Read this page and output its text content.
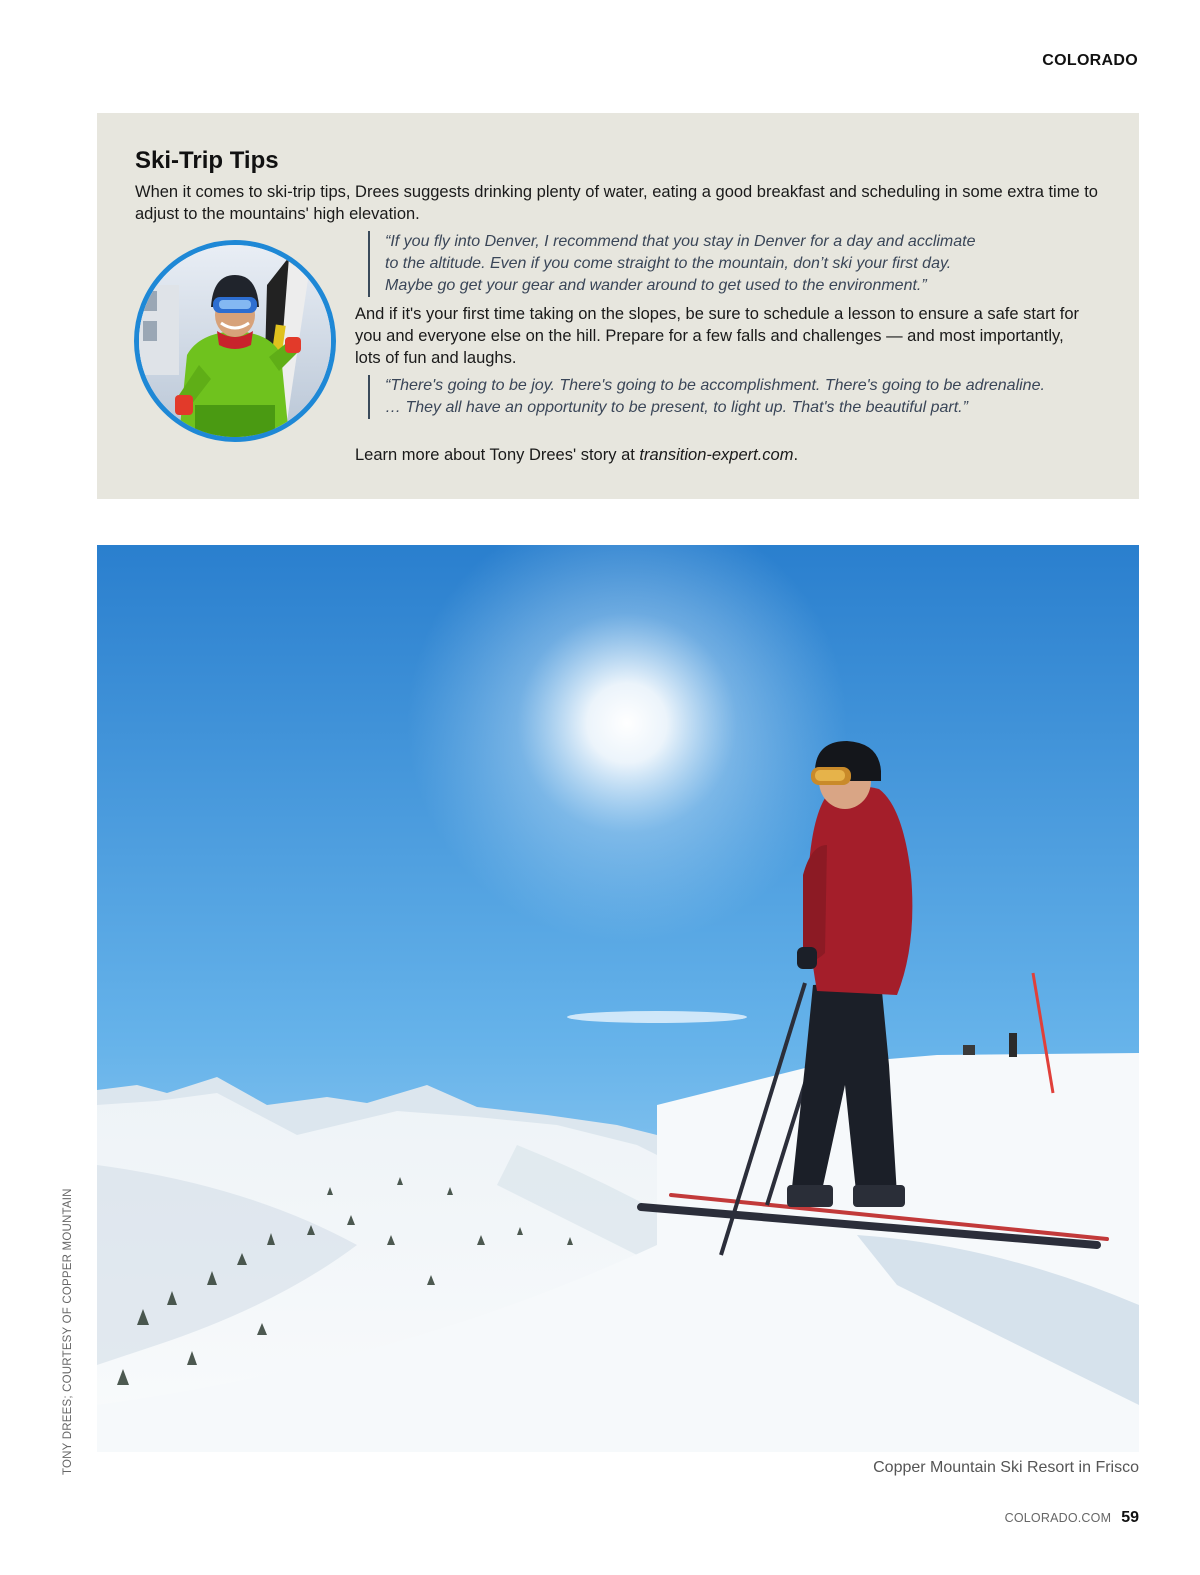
COLORADO
Ski-Trip Tips

When it comes to ski-trip tips, Drees suggests drinking plenty of water, eating a good breakfast and scheduling in some extra time to adjust to the mountains' high elevation.

“If you fly into Denver, I recommend that you stay in Denver for a day and acclimate

to the altitude. Even if you come straight to the mountain, don’t ski your first day.

Maybe go get your gear and wander around to get used to the environment.”

And if it's your first time taking on the slopes, be sure to schedule a lesson to ensure a safe start for you and everyone else on the hill. Prepare for a few falls and challenges — and most importantly, lots of fun and laughs.

“There's going to be joy. There's going to be accomplishment. There's going to be adrenaline.

… They all have an opportunity to be present, to light up. That's the beautiful part.”

Learn more about Tony Drees' story at transition-expert.com.

Copper Mountain Ski Resort in Frisco
TONY DREES; COURTESY OF COPPER MOUNTAIN
COLORADO.COM 59
